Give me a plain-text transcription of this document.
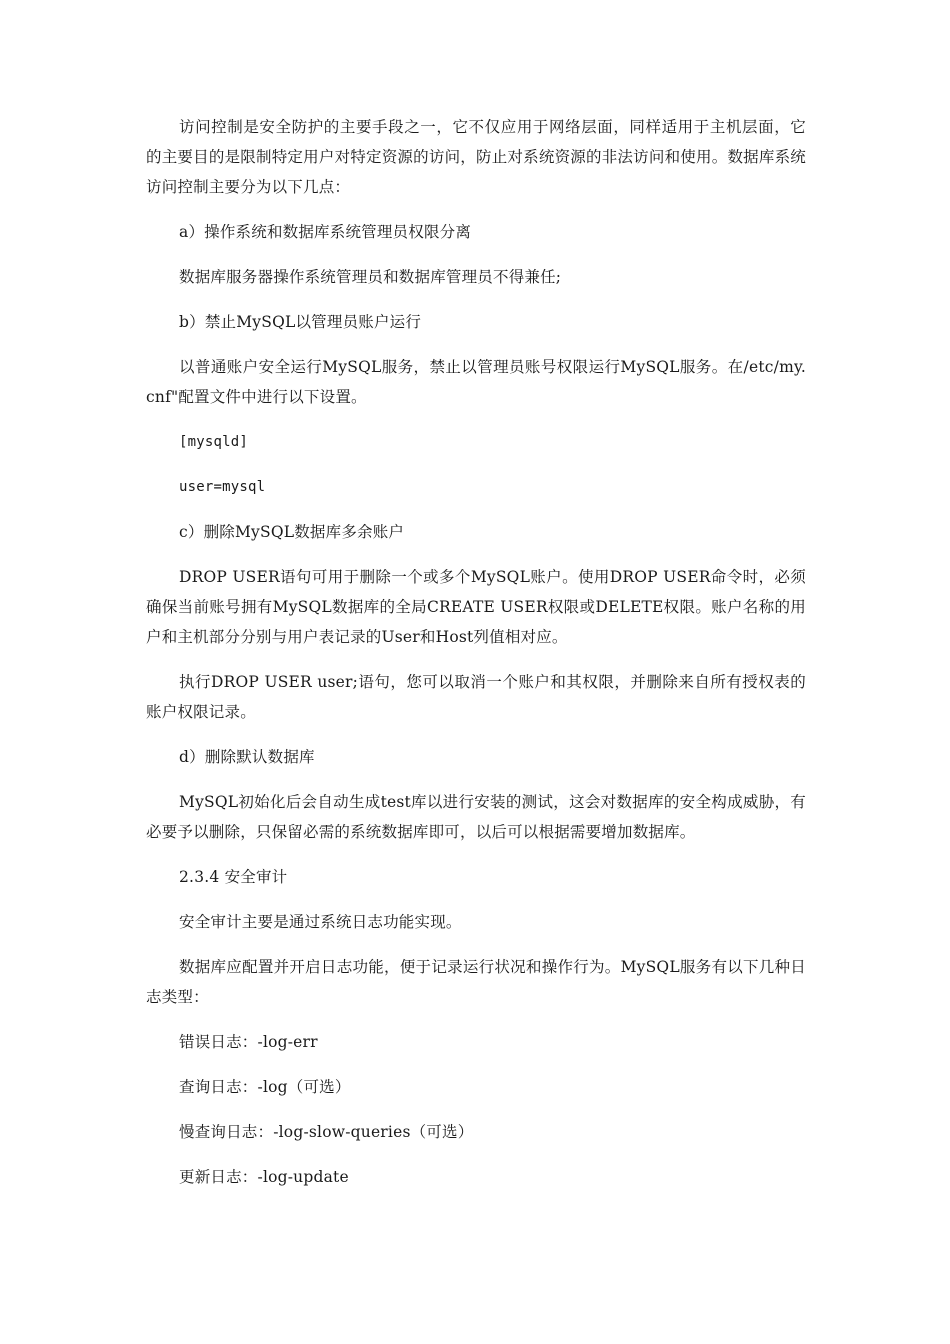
访问控制是安全防护的主要手段之一，它不仅应用于网络层面，同样适用于主机层面，它的主要目的是限制特定用户对特定资源的访问，防止对系统资源的非法访问和使用。数据库系统访问控制主要分为以下几点：

a）操作系统和数据库系统管理员权限分离

数据库服务器操作系统管理员和数据库管理员不得兼任;

b）禁止MySQL以管理员账户运行

以普通账户安全运行MySQL服务，禁止以管理员账号权限运行MySQL服务。在/etc/my.cnf"配置文件中进行以下设置。

[mysqld]

user=mysql

c）删除MySQL数据库多余账户

DROP USER语句可用于删除一个或多个MySQL账户。使用DROP USER命令时，必须确保当前账号拥有MySQL数据库的全局CREATE USER权限或DELETE权限。账户名称的用户和主机部分分别与用户表记录的User和Host列值相对应。

执行DROP USER user;语句，您可以取消一个账户和其权限，并删除来自所有授权表的账户权限记录。

d）删除默认数据库

MySQL初始化后会自动生成test库以进行安装的测试，这会对数据库的安全构成威胁，有必要予以删除，只保留必需的系统数据库即可，以后可以根据需要增加数据库。

2.3.4 安全审计

安全审计主要是通过系统日志功能实现。

数据库应配置并开启日志功能，便于记录运行状况和操作行为。MySQL服务有以下几种日志类型：

错误日志：-log-err

查询日志：-log（可选）

慢查询日志：-log-slow-queries（可选）

更新日志：-log-update
